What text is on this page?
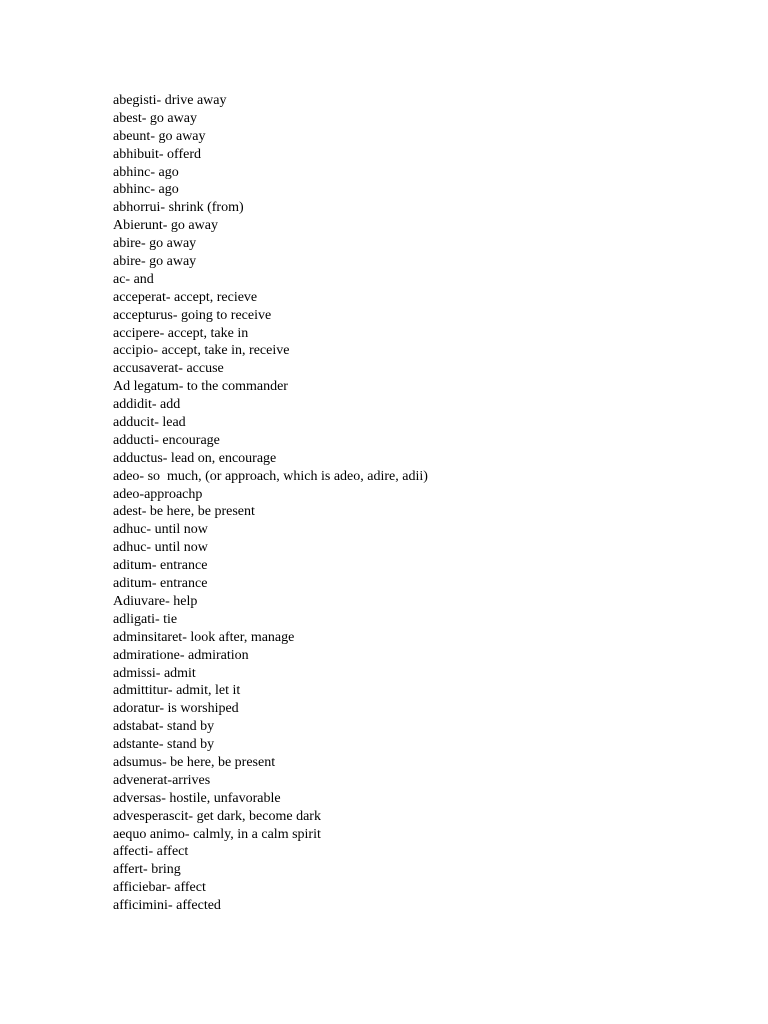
abegisti- drive away
abest- go away
abeunt- go away
abhibuit- offerd
abhinc- ago
abhinc- ago
abhorrui- shrink (from)
Abierunt- go away
abire- go away
abire- go away
ac- and
acceperat- accept, recieve
accepturus- going to receive
accipere- accept, take in
accipio- accept, take in, receive
accusaverat- accuse
Ad legatum- to the commander
addidit- add
adducit- lead
adducti- encourage
adductus- lead on, encourage
adeo- so  much, (or approach, which is adeo, adire, adii)
adeo-approachp
adest- be here, be present
adhuc- until now
adhuc- until now
aditum- entrance
aditum- entrance
Adiuvare- help
adligati- tie
adminsitaret- look after, manage
admiratione- admiration
admissi- admit
admittitur- admit, let it
adoratur- is worshiped
adstabat- stand by
adstante- stand by
adsumus- be here, be present
advenerat-arrives
adversas- hostile, unfavorable
advesperascit- get dark, become dark
aequo animo- calmly, in a calm spirit
affecti- affect
affert- bring
afficiebar- affect
afficimini- affected
